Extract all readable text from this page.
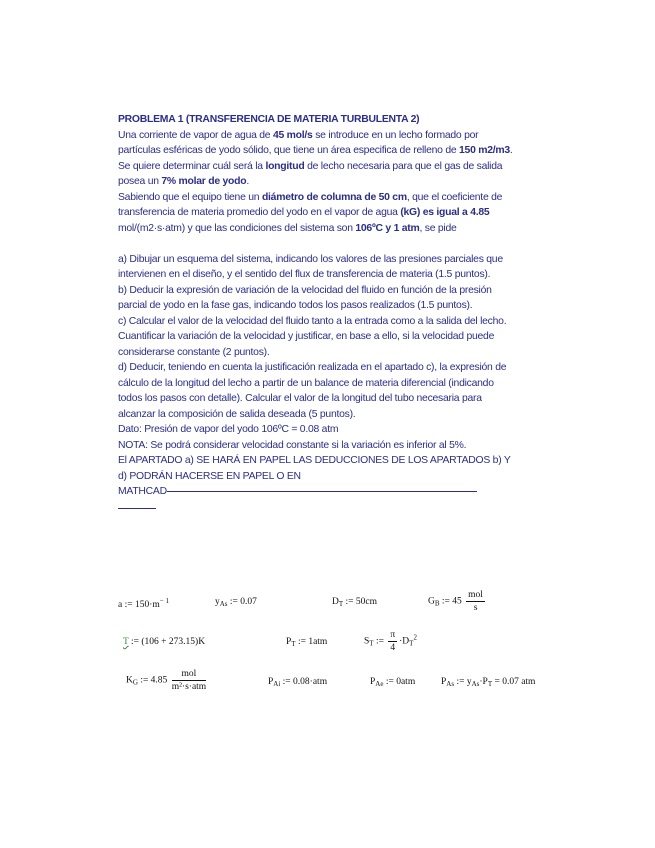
PROBLEMA 1 (TRANSFERENCIA DE MATERIA TURBULENTA 2)

Una corriente de vapor de agua de 45 mol/s se introduce en un lecho formado por partículas esféricas de yodo sólido, que tiene un área especifica de relleno de 150 m2/m3. Se quiere determinar cuál será la longitud de lecho necesaria para que el gas de salida posea un 7% molar de yodo.

Sabiendo que el equipo tiene un diámetro de columna de 50 cm, que el coeficiente de transferencia de materia promedio del yodo en el vapor de agua (kG) es igual a 4.85 mol/(m2·s·atm) y que las condiciones del sistema son 106ºC y 1 atm, se pide

a) Dibujar un esquema del sistema, indicando los valores de las presiones parciales que intervienen en el diseño, y el sentido del flux de transferencia de materia (1.5 puntos).

b) Deducir la expresión de variación de la velocidad del fluido en función de la presión parcial de yodo en la fase gas, indicando todos los pasos realizados (1.5 puntos).

c) Calcular el valor de la velocidad del fluido tanto a la entrada como a la salida del lecho. Cuantificar la variación de la velocidad y justificar, en base a ello, si la velocidad puede considerarse constante (2 puntos).

d) Deducir, teniendo en cuenta la justificación realizada en el apartado c), la expresión de cálculo de la longitud del lecho a partir de un balance de materia diferencial (indicando todos los pasos con detalle). Calcular el valor de la longitud del tubo necesaria para alcanzar la composición de salida deseada (5 puntos).

Dato: Presión de vapor del yodo 106ºC = 0.08 atm

NOTA: Se podrá considerar velocidad constante si la variación es inferior al 5%.

El APARTADO a) SE HARÁ EN PAPEL LAS DEDUCCIONES DE LOS APARTADOS b) Y d) PODRÁN HACERSE EN PAPEL O EN

MATHCAD

a := $150\cdot m^{- 1}$	$y_{As}$ := 0.07	$D_T$ := 50cm	$G_B$ := $45 \frac{\text{mol}}{s}$
T := (106 + 273.15)K	$P_T$ := 1atm	$S_T$ := $\frac{\pi}{4} \cdot D_T^2$
$K_G$ := $4.85 \frac{\text{mol}}{\text{m²·s·atm}}$	$P_{Ai}$ := 0.08·atm	$P_{Ae}$ := 0atm	$P_{As}$ := $y_{As}\cdot P_T = 0.07$ atm
